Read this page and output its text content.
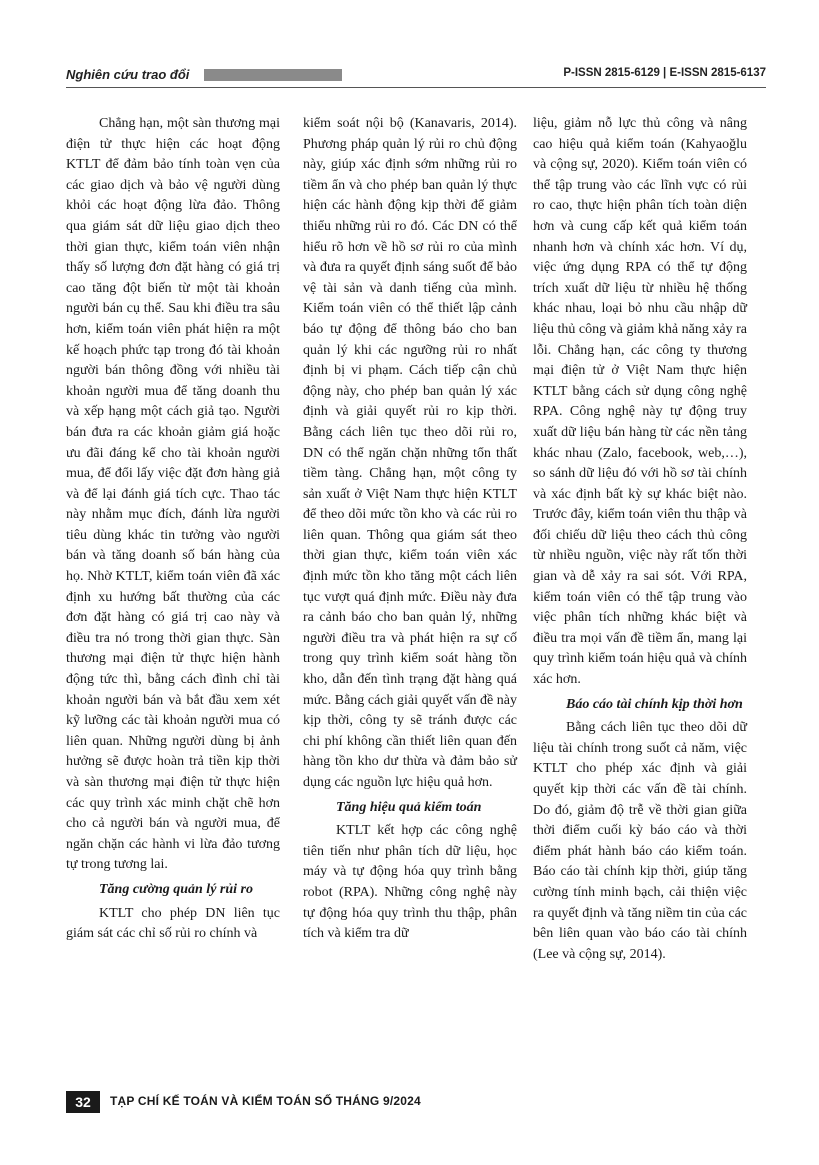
Nghiên cứu trao đổi	P-ISSN 2815-6129 | E-ISSN 2815-6137

Chẳng hạn, một sàn thương mại điện tử thực hiện các hoạt động KTLT để đảm bảo tính toàn vẹn của các giao dịch và bảo vệ người dùng khỏi các hoạt động lừa đảo. Thông qua giám sát dữ liệu giao dịch theo thời gian thực, kiểm toán viên nhận thấy số lượng đơn đặt hàng có giá trị cao tăng đột biến từ một tài khoản người bán cụ thể. Sau khi điều tra sâu hơn, kiểm toán viên phát hiện ra một kế hoạch phức tạp trong đó tài khoản người bán thông đồng với nhiều tài khoản người mua để tăng doanh thu và xếp hạng một cách giả tạo. Người bán đưa ra các khoản giảm giá hoặc ưu đãi đáng kể cho tài khoản người mua, để đổi lấy việc đặt đơn hàng giả và để lại đánh giá tích cực. Thao tác này nhằm mục đích, đánh lừa người tiêu dùng khác tin tưởng vào người bán và tăng doanh số bán hàng của họ. Nhờ KTLT, kiểm toán viên đã xác định xu hướng bất thường của các đơn đặt hàng có giá trị cao này và điều tra nó trong thời gian thực. Sàn thương mại điện tử thực hiện hành động tức thì, bằng cách đình chỉ tài khoản người bán và bắt đầu xem xét kỹ lưỡng các tài khoản người mua có liên quan. Những người dùng bị ảnh hưởng sẽ được hoàn trả tiền kịp thời và sàn thương mại điện tử thực hiện các quy trình xác minh chặt chẽ hơn cho cả người bán và người mua, để ngăn chặn các hành vi lừa đảo tương tự trong tương lai.

Tăng cường quản lý rủi ro

KTLT cho phép DN liên tục giám sát các chỉ số rủi ro chính và

kiểm soát nội bộ (Kanavaris, 2014). Phương pháp quản lý rủi ro chủ động này, giúp xác định sớm những rủi ro tiềm ẩn và cho phép ban quản lý thực hiện các hành động kịp thời để giảm thiểu những rủi ro đó. Các DN có thể hiểu rõ hơn về hồ sơ rủi ro của mình và đưa ra quyết định sáng suốt để bảo vệ tài sản và danh tiếng của mình. Kiểm toán viên có thể thiết lập cảnh báo tự động để thông báo cho ban quản lý khi các ngưỡng rủi ro nhất định bị vi phạm. Cách tiếp cận chủ động này, cho phép ban quản lý xác định và giải quyết rủi ro kịp thời. Bằng cách liên tục theo dõi rủi ro, DN có thể ngăn chặn những tổn thất tiềm tàng. Chẳng hạn, một công ty sản xuất ở Việt Nam thực hiện KTLT để theo dõi mức tồn kho và các rủi ro liên quan. Thông qua giám sát theo thời gian thực, kiểm toán viên xác định mức tồn kho tăng một cách liên tục vượt quá định mức. Điều này đưa ra cảnh báo cho ban quản lý, những người điều tra và phát hiện ra sự cố trong quy trình kiểm soát hàng tồn kho, dẫn đến tình trạng đặt hàng quá mức. Bằng cách giải quyết vấn đề này kịp thời, công ty sẽ tránh được các chi phí không cần thiết liên quan đến hàng tồn kho dư thừa và đảm bảo sử dụng các nguồn lực hiệu quả hơn.

Tăng hiệu quả kiểm toán

KTLT kết hợp các công nghệ tiên tiến như phân tích dữ liệu, học máy và tự động hóa quy trình bằng robot (RPA). Những công nghệ này tự động hóa quy trình thu thập, phân tích và kiểm tra dữ

liệu, giảm nỗ lực thủ công và nâng cao hiệu quả kiểm toán (Kahyaoğlu và cộng sự, 2020). Kiểm toán viên có thể tập trung vào các lĩnh vực có rủi ro cao, thực hiện phân tích toàn diện hơn và cung cấp kết quả kiểm toán nhanh hơn và chính xác hơn. Ví dụ, việc ứng dụng RPA có thể tự động trích xuất dữ liệu từ nhiều hệ thống khác nhau, loại bỏ nhu cầu nhập dữ liệu thủ công và giảm khả năng xảy ra lỗi. Chẳng hạn, các công ty thương mại điện tử ở Việt Nam thực hiện KTLT bằng cách sử dụng công nghệ RPA. Công nghệ này tự động truy xuất dữ liệu bán hàng từ các nền tảng khác nhau (Zalo, facebook, web,…), so sánh dữ liệu đó với hồ sơ tài chính và xác định bất kỳ sự khác biệt nào. Trước đây, kiểm toán viên thu thập và đối chiếu dữ liệu theo cách thủ công từ nhiều nguồn, việc này rất tốn thời gian và dễ xảy ra sai sót. Với RPA, kiểm toán viên có thể tập trung vào việc phân tích những khác biệt và điều tra mọi vấn đề tiềm ẩn, mang lại quy trình kiểm toán hiệu quả và chính xác hơn.

Báo cáo tài chính kịp thời hơn

Bằng cách liên tục theo dõi dữ liệu tài chính trong suốt cả năm, việc KTLT cho phép xác định và giải quyết kịp thời các vấn đề tài chính. Do đó, giảm độ trễ về thời gian giữa thời điểm cuối kỳ báo cáo và thời điểm phát hành báo cáo kiểm toán. Báo cáo tài chính kịp thời, giúp tăng cường tính minh bạch, cải thiện việc ra quyết định và tăng niềm tin của các bên liên quan vào báo cáo tài chính (Lee và cộng sự, 2014).

32	TẠP CHÍ KẾ TOÁN VÀ KIỂM TOÁN SỐ THÁNG 9/2024
